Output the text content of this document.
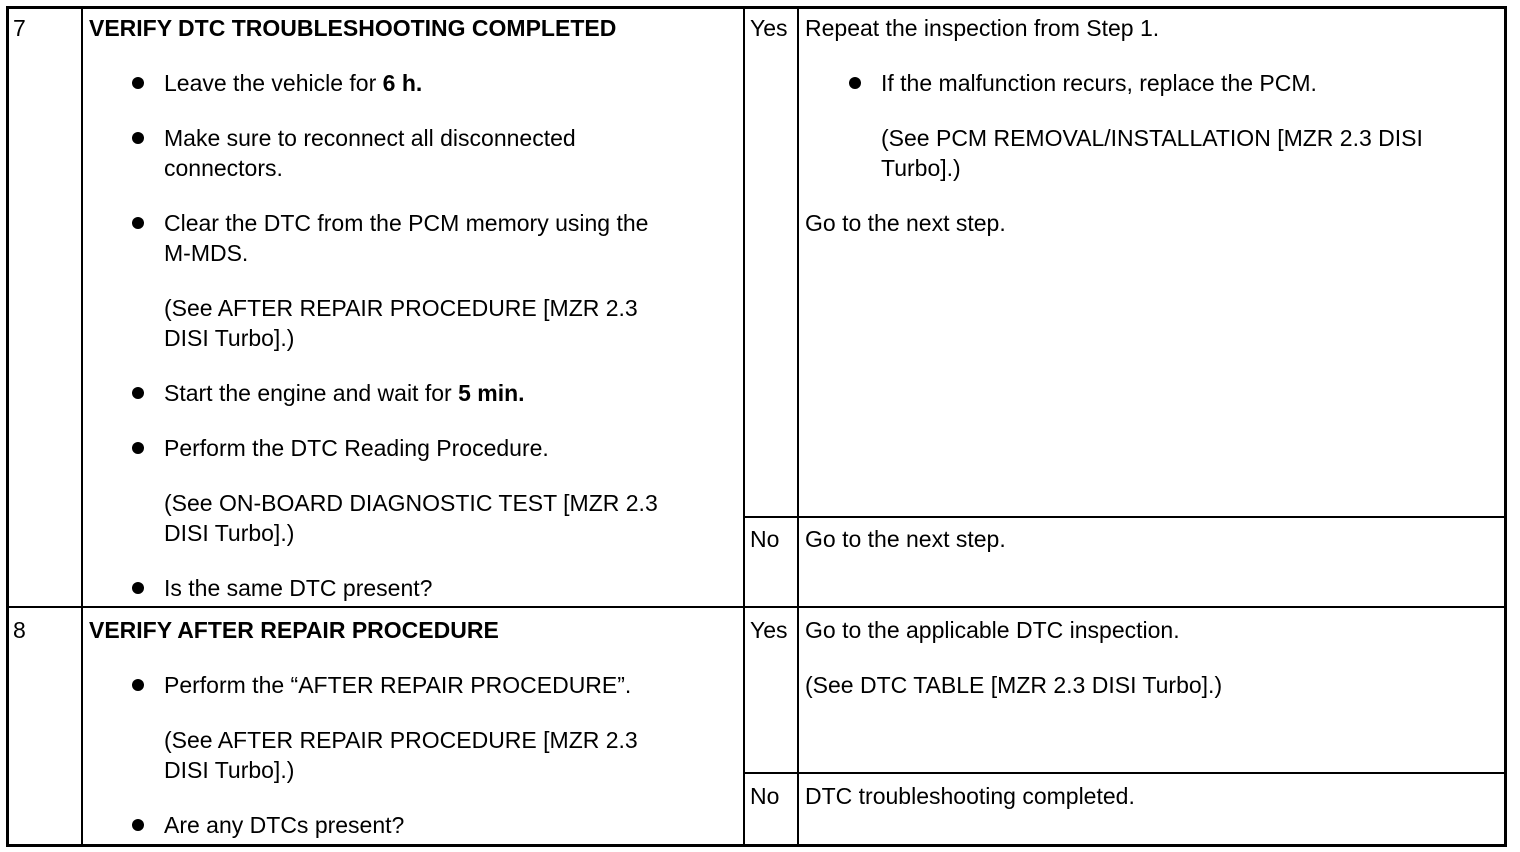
7	VERIFY DTC TROUBLESHOOTING COMPLETED
Leave the vehicle for 6 h.
Make sure to reconnect all disconnected
connectors.
Clear the DTC from the PCM memory using the
M-MDS.
(See AFTER REPAIR PROCEDURE [MZR 2.3
DISI Turbo].)
Start the engine and wait for 5 min.
Perform the DTC Reading Procedure.
(See ON-BOARD DIAGNOSTIC TEST [MZR 2.3
DISI Turbo].)
Is the same DTC present?
Yes Repeat the inspection from Step 1.
If the malfunction recurs, replace the PCM.
(See PCM REMOVAL/INSTALLATION [MZR 2.3 DISI
Turbo].)
Go to the next step.
No Go to the next step.
8	VERIFY AFTER REPAIR PROCEDURE
Perform the “AFTER REPAIR PROCEDURE”.
(See AFTER REPAIR PROCEDURE [MZR 2.3
DISI Turbo].)
Are any DTCs present?
Yes Go to the applicable DTC inspection.
(See DTC TABLE [MZR 2.3 DISI Turbo].)
No DTC troubleshooting completed.
